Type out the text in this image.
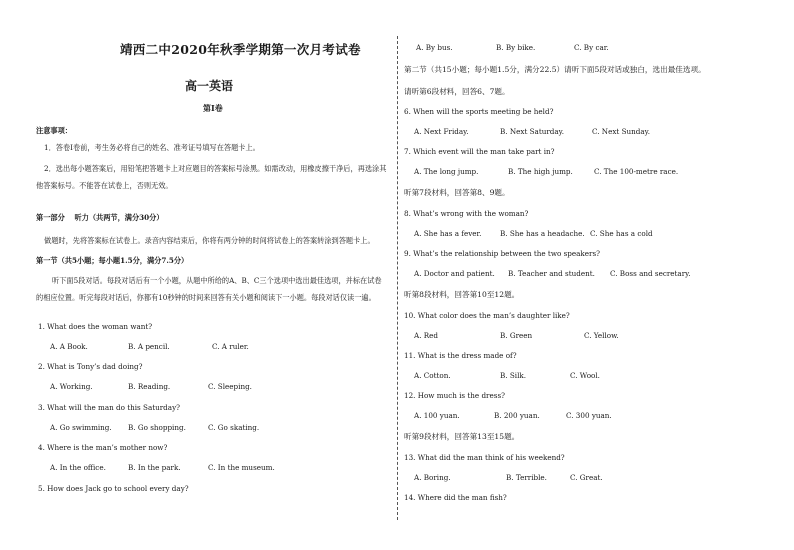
靖西二中2020年秋季学期第一次月考试卷
高一英语
第I卷
注意事项：
1．答卷I卷前，考生务必将自己的姓名、准考证号填写在答题卡上。
2．选出每小题答案后，用铅笔把答题卡上对应题目的答案标号涂黑。如需改动，用橡皮擦干净后，再选涂其他答案标号。不能答在试卷上，否则无效。
第一部分　 听力（共两节，满分30分）
做题时，先将答案标在试卷上。录音内容结束后，你将有两分钟的时间将试卷上的答案转涂到答题卡上。
第一节（共5小题；每小题1.5分，满分7.5分）
听下面5段对话。每段对话后有一个小题，从题中所给的A、B、C三个选项中选出最佳选项，并标在试卷的相应位置。听完每段对话后，你都有10秒钟的时间来回答有关小题和阅读下一小题。每段对话仅读一遍。
1. What does the woman want?
A. A Book.	B. A pencil.	C. A ruler.
2. What is Tony’s dad doing?
A. Working.	B. Reading.	C. Sleeping.
3. What will the man do this Saturday?
A. Go swimming. B. Go shopping.	C. Go skating.
4. Where is the man’s mother now?
A. In the office.	B. In the park.	C. In the museum.
5. How does Jack go to school every day?
A. By bus.	B. By bike.	C. By car.
第二节（共15小题；每小题1.5分，满分22.5）请听下面5段对话或独白，选出最佳选项。
请听第6段材料，回答6、7题。
6. When will the sports meeting be held?
A. Next Friday.	B. Next Saturday.	C. Next Sunday.
7. Which event will the man take part in?
A. The long jump.	B. The high jump.	C. The 100-metre race.
听第7段材料，回答第8、9题。
8. What’s wrong with the woman?
A. She has a fever.	B. She has a headache. C. She has a cold
9. What’s the relationship between the two speakers?
A. Doctor and patient. B. Teacher and student. C. Boss and secretary.
听第8段材料，回答第10至12题。
10. What color does the man’s daughter like?
A. Red	B. Green	C. Yellow.
11. What is the dress made of?
A. Cotton.	B. Silk.	C. Wool.
12. How much is the dress?
A. 100 yuan.	B. 200 yuan.	C. 300 yuan.
听第9段材料，回答第13至15题。
13. What did the man think of his weekend?
A. Boring.	B. Terrible.	C. Great.
14. Where did the man fish?
